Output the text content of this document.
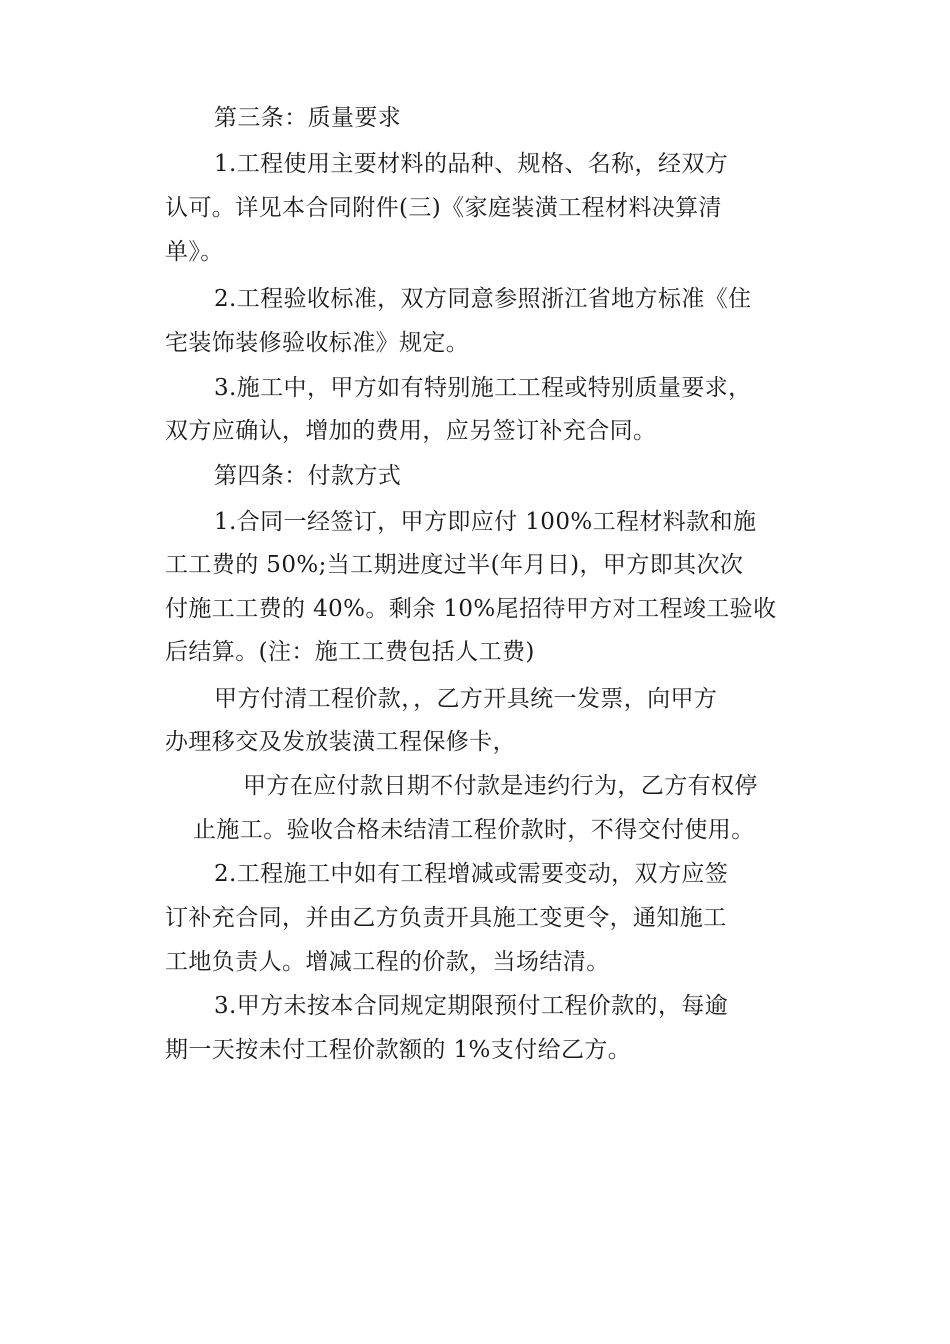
第三条：质量要求
1.工程使用主要材料的品种、规格、名称，经双方
认可。详见本合同附件(三)《家庭装潢工程材料决算清
单》。
2.工程验收标准，双方同意参照浙江省地方标准《住
宅装饰装修验收标准》规定。
3.施工中，甲方如有特别施工工程或特别质量要求，
双方应确认，增加的费用，应另签订补充合同。
第四条：付款方式
1.合同一经签订，甲方即应付 100%工程材料款和施
工工费的 50%;当工期进度过半(年月日)，甲方即其次次
付施工工费的 40%。剩余 10%尾招待甲方对工程竣工验收
后结算。(注：施工工费包括人工费)
甲方付清工程价款，，乙方开具统一发票，向甲方
办理移交及发放装潢工程保修卡，
甲方在应付款日期不付款是违约行为，乙方有权停
止施工。验收合格未结清工程价款时，不得交付使用。
2.工程施工中如有工程增减或需要变动，双方应签
订补充合同，并由乙方负责开具施工变更令，通知施工
工地负责人。增减工程的价款，当场结清。
3.甲方未按本合同规定期限预付工程价款的，每逾
期一天按未付工程价款额的 1%支付给乙方。
